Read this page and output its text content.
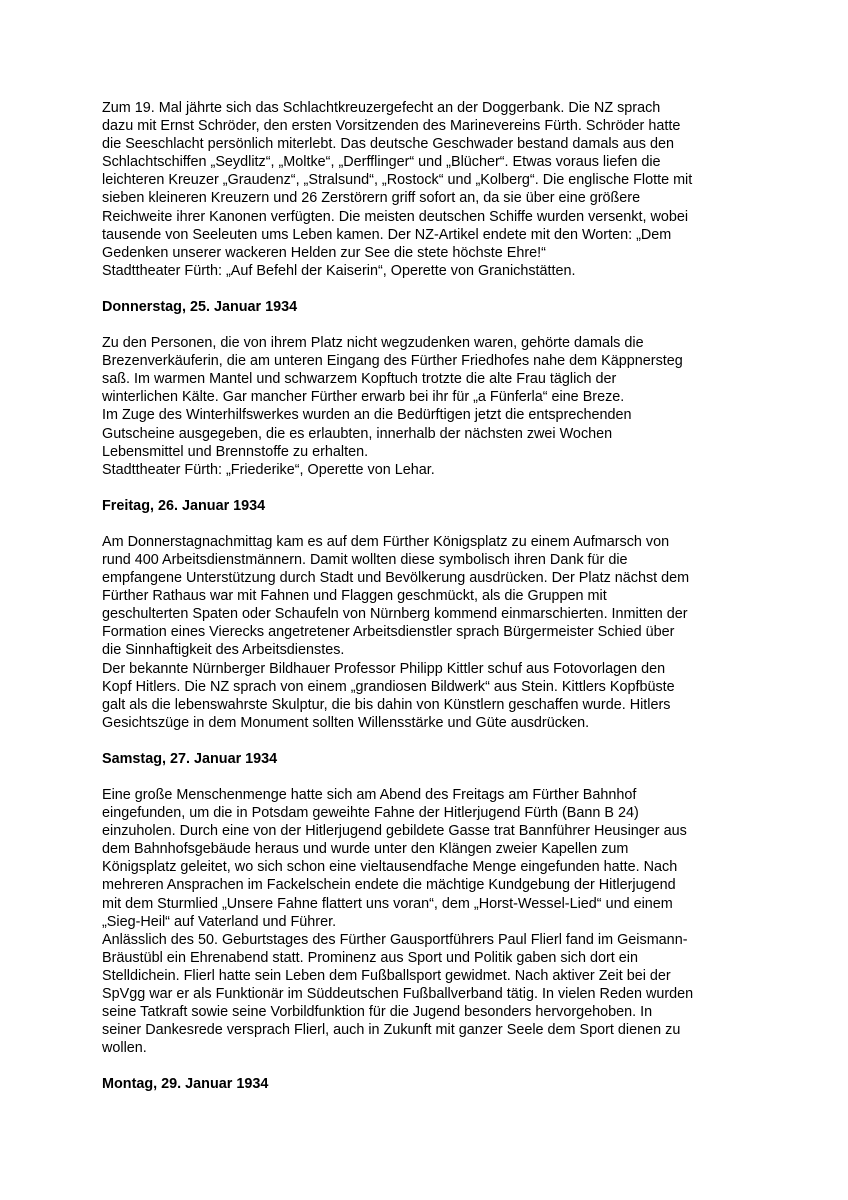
Zum 19. Mal jährte sich das Schlachtkreuzergefecht an der Doggerbank. Die NZ sprach

dazu mit Ernst Schröder, den ersten Vorsitzenden des Marinevereins Fürth. Schröder hatte

die Seeschlacht persönlich miterlebt. Das deutsche Geschwader bestand damals aus den

Schlachtschiffen „Seydlitz“, „Moltke“, „Derfflinger“ und „Blücher“. Etwas voraus liefen die

leichteren Kreuzer „Graudenz“, „Stralsund“, „Rostock“ und „Kolberg“. Die englische Flotte mit

sieben kleineren Kreuzern und 26 Zerstörern griff sofort an, da sie über eine größere

Reichweite ihrer Kanonen verfügten. Die meisten deutschen Schiffe wurden versenkt, wobei

tausende von Seeleuten ums Leben kamen. Der NZ-Artikel endete mit den Worten: „Dem

Gedenken unserer wackeren Helden zur See die stete höchste Ehre!“

Stadttheater Fürth: „Auf Befehl der Kaiserin“, Operette von Granichstätten.

Donnerstag, 25. Januar 1934

Zu den Personen, die von ihrem Platz nicht wegzudenken waren, gehörte damals die

Brezenverkäuferin, die am unteren Eingang des Fürther Friedhofes nahe dem Käppnersteg

saß. Im warmen Mantel und schwarzem Kopftuch trotzte die alte Frau täglich der

winterlichen Kälte. Gar mancher Fürther erwarb bei ihr für „a Fünferla“ eine Breze.

Im Zuge des Winterhilfswerkes wurden an die Bedürftigen jetzt die entsprechenden

Gutscheine ausgegeben, die es erlaubten, innerhalb der nächsten zwei Wochen

Lebensmittel und Brennstoffe zu erhalten.

Stadttheater Fürth: „Friederike“, Operette von Lehar.

Freitag, 26. Januar 1934

Am Donnerstagnachmittag kam es auf dem Fürther Königsplatz zu einem Aufmarsch von

rund 400 Arbeitsdienstmännern. Damit wollten diese symbolisch ihren Dank für die

empfangene Unterstützung durch Stadt und Bevölkerung ausdrücken. Der Platz nächst dem

Fürther Rathaus war mit Fahnen und Flaggen geschmückt, als die Gruppen mit

geschulterten Spaten oder Schaufeln von Nürnberg kommend einmarschierten. Inmitten der

Formation eines Vierecks angetretener Arbeitsdienstler sprach Bürgermeister Schied über

die Sinnhaftigkeit des Arbeitsdienstes.

Der bekannte Nürnberger Bildhauer Professor Philipp Kittler schuf aus Fotovorlagen den

Kopf Hitlers. Die NZ sprach von einem „grandiosen Bildwerk“ aus Stein. Kittlers Kopfbüste

galt als die lebenswahrste Skulptur, die bis dahin von Künstlern geschaffen wurde. Hitlers

Gesichtszüge in dem Monument sollten Willensstärke und Güte ausdrücken.

Samstag, 27. Januar 1934

Eine große Menschenmenge hatte sich am Abend des Freitags am Fürther Bahnhof

eingefunden, um die in Potsdam geweihte Fahne der Hitlerjugend Fürth (Bann B 24)

einzuholen. Durch eine von der Hitlerjugend gebildete Gasse trat Bannführer Heusinger aus

dem Bahnhofsgebäude heraus und wurde unter den Klängen zweier Kapellen zum

Königsplatz geleitet, wo sich schon eine vieltausendfache Menge eingefunden hatte. Nach

mehreren Ansprachen im Fackelschein endete die mächtige Kundgebung der Hitlerjugend

mit dem Sturmlied „Unsere Fahne flattert uns voran“, dem „Horst-Wessel-Lied“ und einem

„Sieg-Heil“ auf Vaterland und Führer.

Anlässlich des 50. Geburtstages des Fürther Gausportführers Paul Flierl fand im Geismann-

Bräustübl ein Ehrenabend statt. Prominenz aus Sport und Politik gaben sich dort ein

Stelldichein. Flierl hatte sein Leben dem Fußballsport gewidmet. Nach aktiver Zeit bei der

SpVgg war er als Funktionär im Süddeutschen Fußballverband tätig. In vielen Reden wurden

seine Tatkraft sowie seine Vorbildfunktion für die Jugend besonders hervorgehoben. In

seiner Dankesrede versprach Flierl, auch in Zukunft mit ganzer Seele dem Sport dienen zu

wollen.

Montag, 29. Januar 1934
